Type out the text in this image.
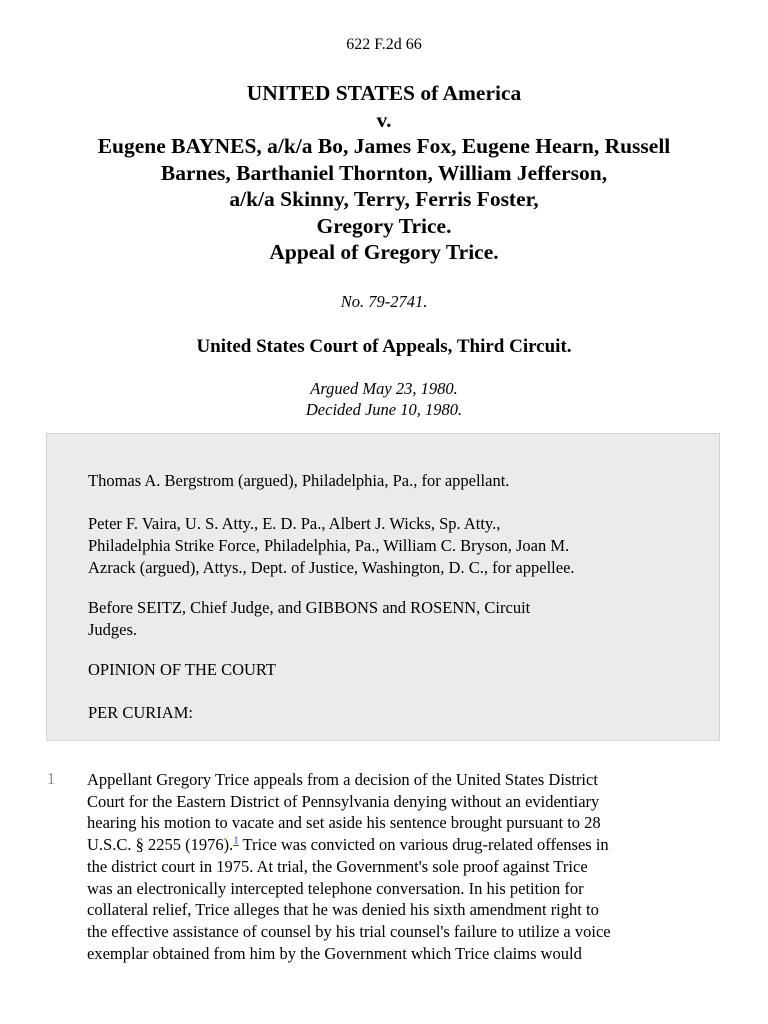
622 F.2d 66
UNITED STATES of America
v.
Eugene BAYNES, a/k/a Bo, James Fox, Eugene Hearn, Russell
Barnes, Barthaniel Thornton, William Jefferson,
a/k/a Skinny, Terry, Ferris Foster,
Gregory Trice.
Appeal of Gregory Trice.
No. 79-2741.
United States Court of Appeals, Third Circuit.
Argued May 23, 1980.
Decided June 10, 1980.

Thomas A. Bergstrom (argued), Philadelphia, Pa., for appellant.

Peter F. Vaira, U. S. Atty., E. D. Pa., Albert J. Wicks, Sp. Atty.,
Philadelphia Strike Force, Philadelphia, Pa., William C. Bryson, Joan M.
Azrack (argued), Attys., Dept. of Justice, Washington, D. C., for appellee.

Before SEITZ, Chief Judge, and GIBBONS and ROSENN, Circuit
Judges.

OPINION OF THE COURT

PER CURIAM:

1 Appellant Gregory Trice appeals from a decision of the United States District
Court for the Eastern District of Pennsylvania denying without an evidentiary
hearing his motion to vacate and set aside his sentence brought pursuant to 28
U.S.C. § 2255 (1976).$^1$ Trice was convicted on various drug-related offenses in
the district court in 1975. At trial, the Government's sole proof against Trice
was an electronically intercepted telephone conversation. In his petition for
collateral relief, Trice alleges that he was denied his sixth amendment right to
the effective assistance of counsel by his trial counsel's failure to utilize a voice
exemplar obtained from him by the Government which Trice claims would
